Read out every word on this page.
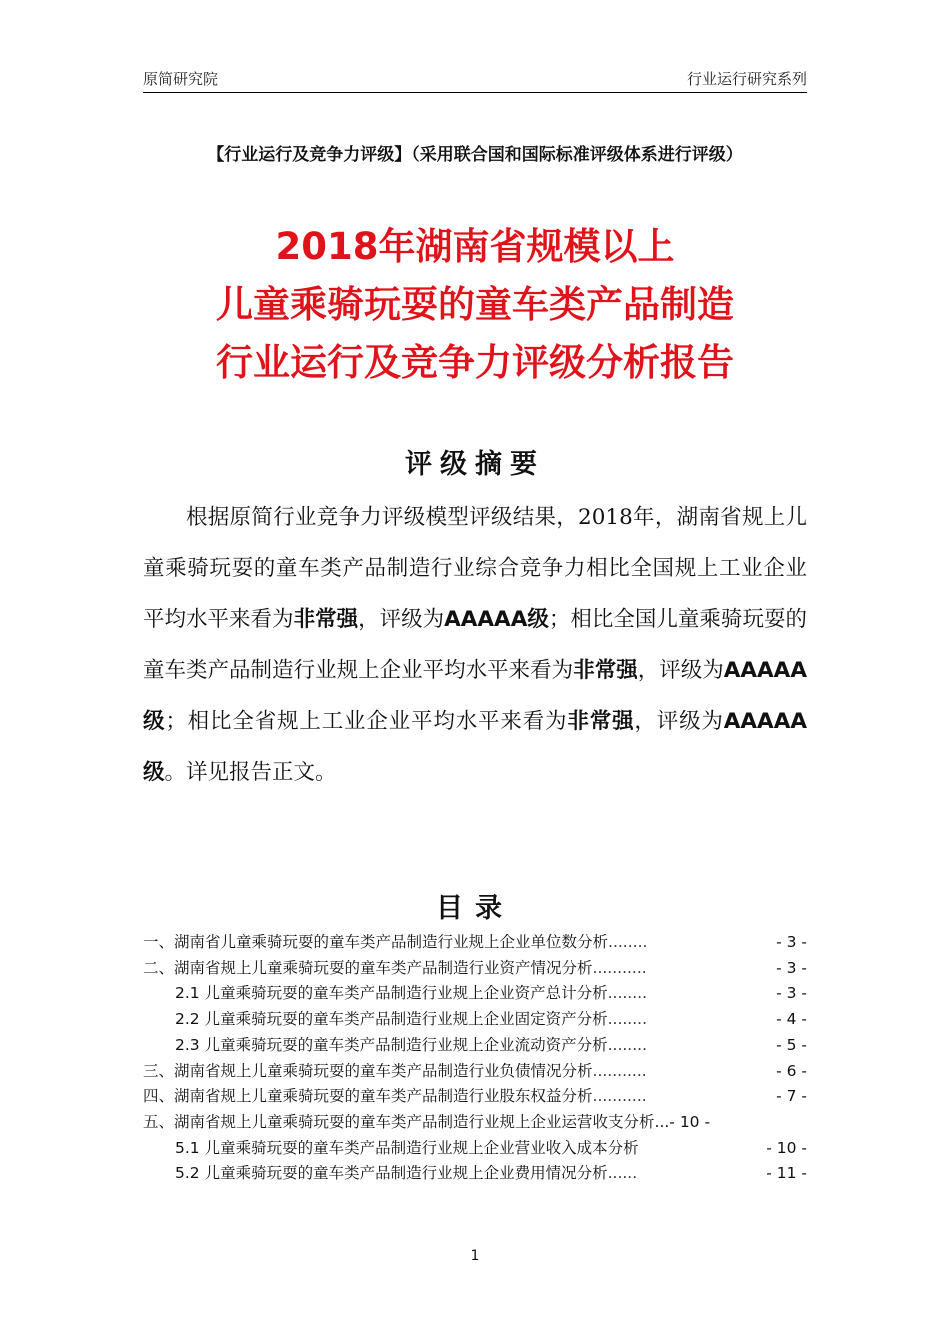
原简研究院	行业运行研究系列
【行业运行及竞争力评级】（采用联合国和国际标准评级体系进行评级）
2018年湖南省规模以上
儿童乘骑玩耍的童车类产品制造
行业运行及竞争力评级分析报告
评级摘要
根据原简行业竞争力评级模型评级结果，2018年，湖南省规上儿童乘骑玩耍的童车类产品制造行业综合竞争力相比全国规上工业企业平均水平来看为非常强，评级为AAAAA级；相比全国儿童乘骑玩耍的童车类产品制造行业规上企业平均水平来看为非常强，评级为AAAAA级；相比全省规上工业企业平均水平来看为非常强，评级为AAAAA级。详见报告正文。
目录
一、湖南省儿童乘骑玩耍的童车类产品制造行业规上企业单位数分析 ........	- 3 -
二、湖南省规上儿童乘骑玩耍的童车类产品制造行业资产情况分析 ...........	- 3 -
2.1 儿童乘骑玩耍的童车类产品制造行业规上企业资产总计分析 ........	- 3 -
2.2 儿童乘骑玩耍的童车类产品制造行业规上企业固定资产分析 ........	- 4 -
2.3 儿童乘骑玩耍的童车类产品制造行业规上企业流动资产分析 ........	- 5 -
三、湖南省规上儿童乘骑玩耍的童车类产品制造行业负债情况分析 ...........	- 6 -
四、湖南省规上儿童乘骑玩耍的童车类产品制造行业股东权益分析 ...........	- 7 -
五、湖南省规上儿童乘骑玩耍的童车类产品制造行业规上企业运营收支分析...- 10 -
5.1 儿童乘骑玩耍的童车类产品制造行业规上企业营业收入成本分析	- 10 -
5.2 儿童乘骑玩耍的童车类产品制造行业规上企业费用情况分析 ......	- 11 -
1
